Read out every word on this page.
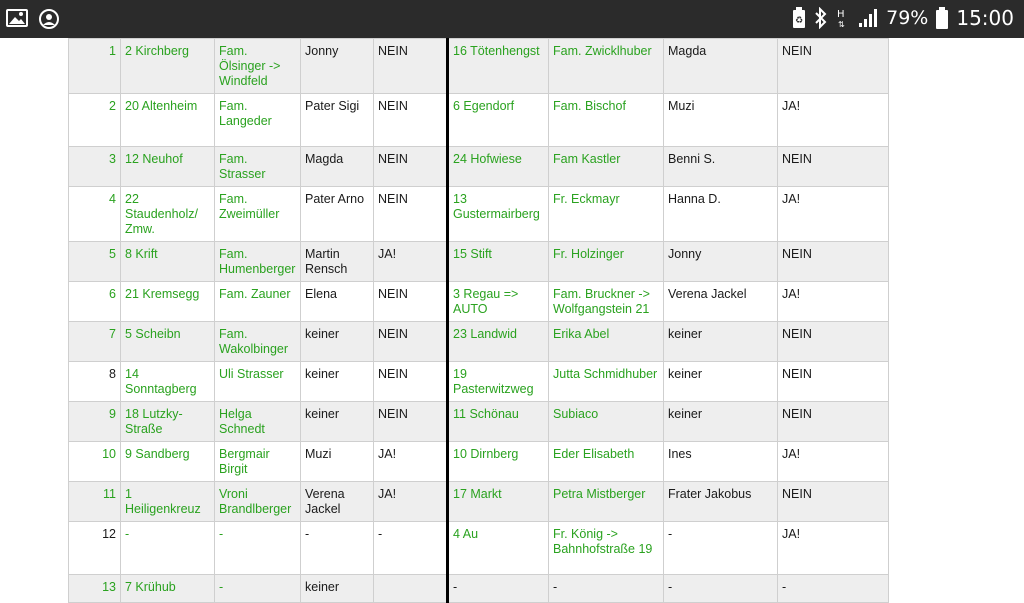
♻
H
⇅ 79% 15:00
1	2 Kirchberg	Fam. Ölsinger -> Windfeld	Jonny	NEIN	16 Tötenhengst	Fam. Zwicklhuber	Magda	NEIN
2	20 Altenheim	Fam. Langeder	Pater Sigi	NEIN	6 Egendorf	Fam. Bischof	Muzi	JA!
3	12 Neuhof	Fam. Strasser	Magda	NEIN	24 Hofwiese	Fam Kastler	Benni S.	NEIN
4	22 Staudenholz/ Zmw.	Fam. Zweimüller	Pater Arno	NEIN	13 Gustermairberg	Fr. Eckmayr	Hanna D.	JA!
5	8 Krift	Fam. Humenberger	Martin Rensch	JA!	15 Stift	Fr. Holzinger	Jonny	NEIN
6	21 Kremsegg	Fam. Zauner	Elena	NEIN	3 Regau => AUTO	Fam. Bruckner -> Wolfgangstein 21	Verena Jackel	JA!
7	5 Scheibn	Fam. Wakolbinger	keiner	NEIN	23 Landwid	Erika Abel	keiner	NEIN
8	14 Sonntagberg	Uli Strasser	keiner	NEIN	19 Pasterwitzweg	Jutta Schmidhuber	keiner	NEIN
9	18 Lutzky-Straße	Helga Schnedt	keiner	NEIN	11 Schönau	Subiaco	keiner	NEIN
10	9 Sandberg	Bergmair Birgit	Muzi	JA!	10 Dirnberg	Eder Elisabeth	Ines	JA!
11	1 Heiligenkreuz	Vroni Brandlberger	Verena Jackel	JA!	17 Markt	Petra Mistberger	Frater Jakobus	NEIN
12	-	-	-	-	4 Au	Fr. König -> Bahnhofstraße 19	-	JA!
13	7 Krühub	-	keiner		-	-	-	-
